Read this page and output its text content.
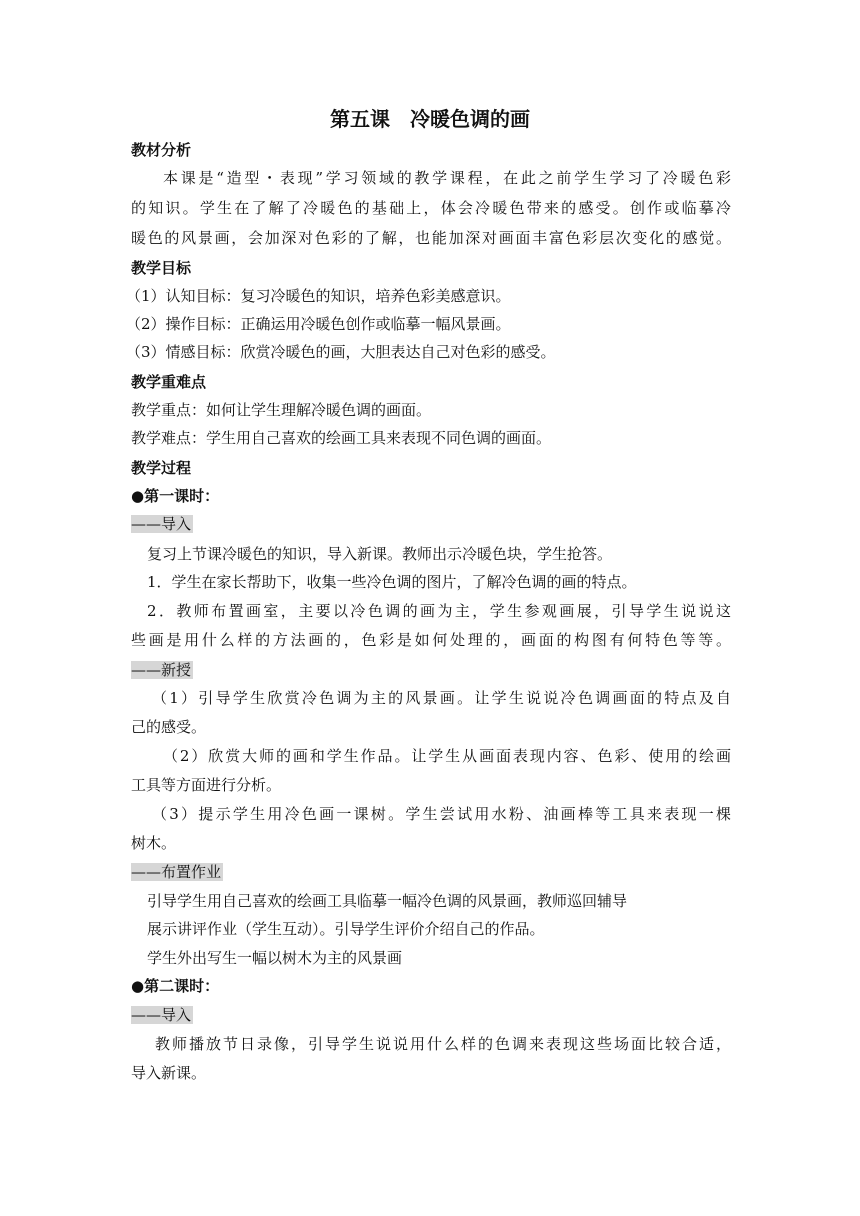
第五课　冷暖色调的画
教材分析
本课是“造型・表现”学习领域的教学课程，在此之前学生学习了冷暖色彩
的知识。学生在了解了冷暖色的基础上，体会冷暖色带来的感受。创作或临摹冷
暖色的风景画，会加深对色彩的了解，也能加深对画面丰富色彩层次变化的感觉。
教学目标
（1）认知目标：复习冷暖色的知识，培养色彩美感意识。
（2）操作目标：正确运用冷暖色创作或临摹一幅风景画。
（3）情感目标：欣赏冷暖色的画，大胆表达自己对色彩的感受。
教学重难点
教学重点：如何让学生理解冷暖色调的画面。
教学难点：学生用自己喜欢的绘画工具来表现不同色调的画面。
教学过程
●第一课时：
——导入
复习上节课冷暖色的知识，导入新课。教师出示冷暖色块，学生抢答。
1．学生在家长帮助下，收集一些冷色调的图片，了解冷色调的画的特点。
2．教师布置画室，主要以冷色调的画为主，学生参观画展，引导学生说说这
些画是用什么样的方法画的，色彩是如何处理的，画面的构图有何特色等等。
——新授
（1）引导学生欣赏冷色调为主的风景画。让学生说说冷色调画面的特点及自
己的感受。
（2）欣赏大师的画和学生作品。让学生从画面表现内容、色彩、使用的绘画
工具等方面进行分析。
（3）提示学生用冷色画一课树。学生尝试用水粉、油画棒等工具来表现一棵
树木。
——布置作业
引导学生用自己喜欢的绘画工具临摹一幅冷色调的风景画，教师巡回辅导
展示讲评作业（学生互动）。引导学生评价介绍自己的作品。
学生外出写生一幅以树木为主的风景画
●第二课时：
——导入
教师播放节日录像，引导学生说说用什么样的色调来表现这些场面比较合适，
导入新课。
